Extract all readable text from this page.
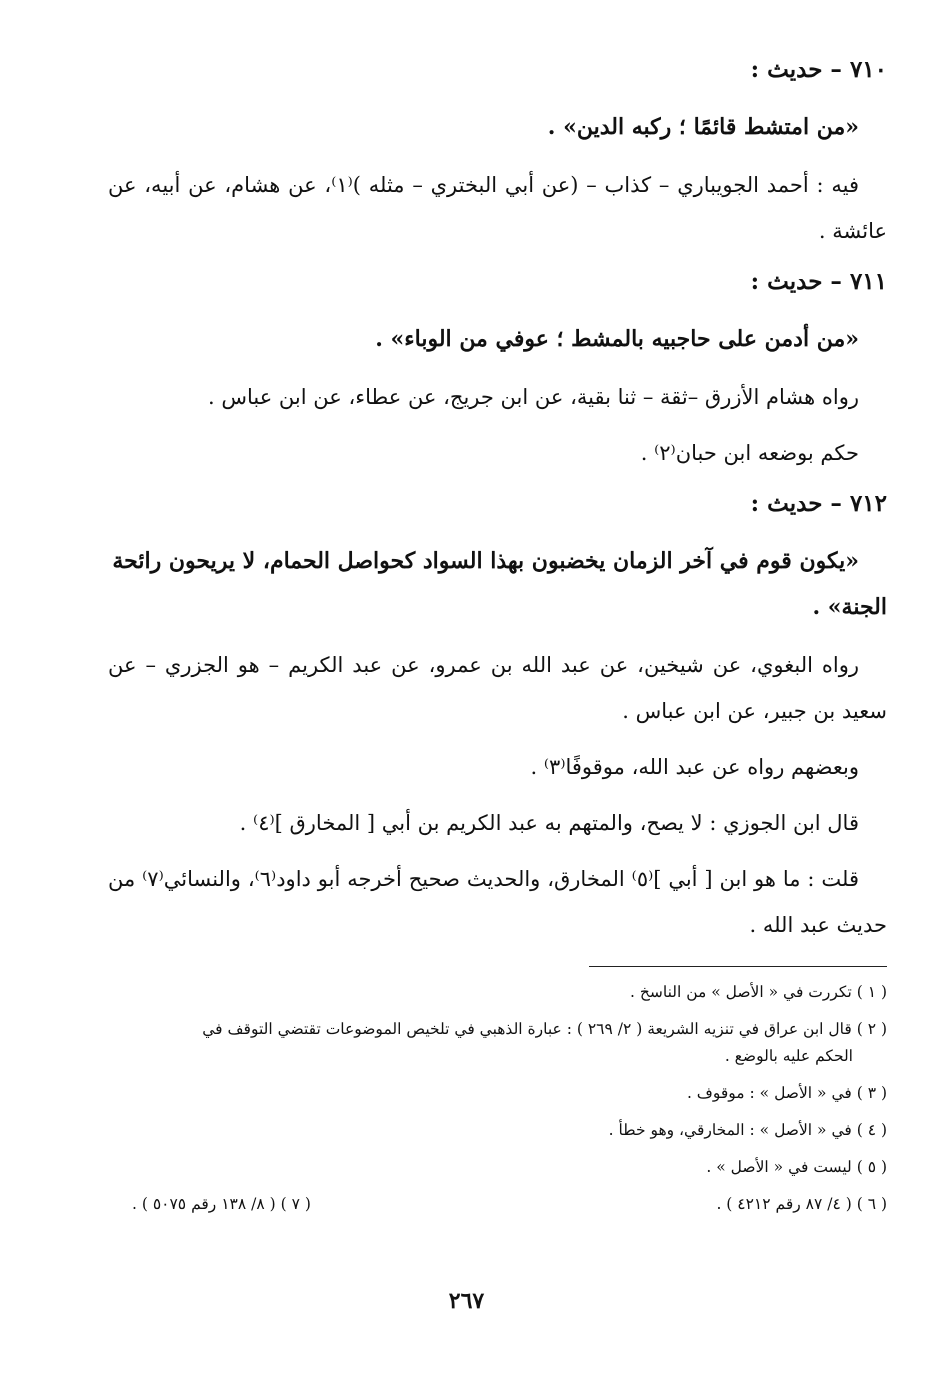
٧١٠ – حديث :
«من امتشط قائمًا ؛ ركبه الدين» .
فيه : أحمد الجويباري – كذاب – (عن أبي البختري – مثله )⁽١⁾، عن هشام، عن أبيه، عن عائشة .
٧١١ – حديث :
«من أدمن على حاجبيه بالمشط ؛ عوفي من الوباء» .
رواه هشام الأزرق –ثقة – ثنا بقية، عن ابن جريج، عن عطاء، عن ابن عباس .
حكم بوضعه ابن حبان⁽٢⁾ .
٧١٢ – حديث :
«يكون قوم في آخر الزمان يخضبون بهذا السواد كحواصل الحمام، لا يريحون رائحة الجنة» .
رواه البغوي، عن شيخين، عن عبد الله بن عمرو، عن عبد الكريم – هو الجزري – عن سعيد بن جبير، عن ابن عباس .
وبعضهم رواه عن عبد الله، موقوفًا⁽٣⁾ .
قال ابن الجوزي : لا يصح، والمتهم به عبد الكريم بن أبي [ المخارق ]⁽٤⁾ .
قلت : ما هو ابن [ أبي ]⁽٥⁾ المخارق، والحديث صحيح أخرجه أبو داود⁽٦⁾، والنسائي⁽٧⁾ من حديث عبد الله .
( ١ ) تكررت في « الأصل » من الناسخ .
( ٢ ) قال ابن عراق في تنزيه الشريعة ( ٢/ ٢٦٩ ) : عبارة الذهبي في تلخيص الموضوعات تقتضي التوقف في
الحكم عليه بالوضع .
( ٣ ) في « الأصل » : موقوف .
( ٤ ) في « الأصل » : المخارقي، وهو خطأ .
( ٥ ) ليست في « الأصل » .
( ٦ ) ( ٤/ ٨٧ رقم ٤٢١٢ ) .
( ٧ ) ( ٨/ ١٣٨ رقم ٥٠٧٥ ) .
٢٦٧
